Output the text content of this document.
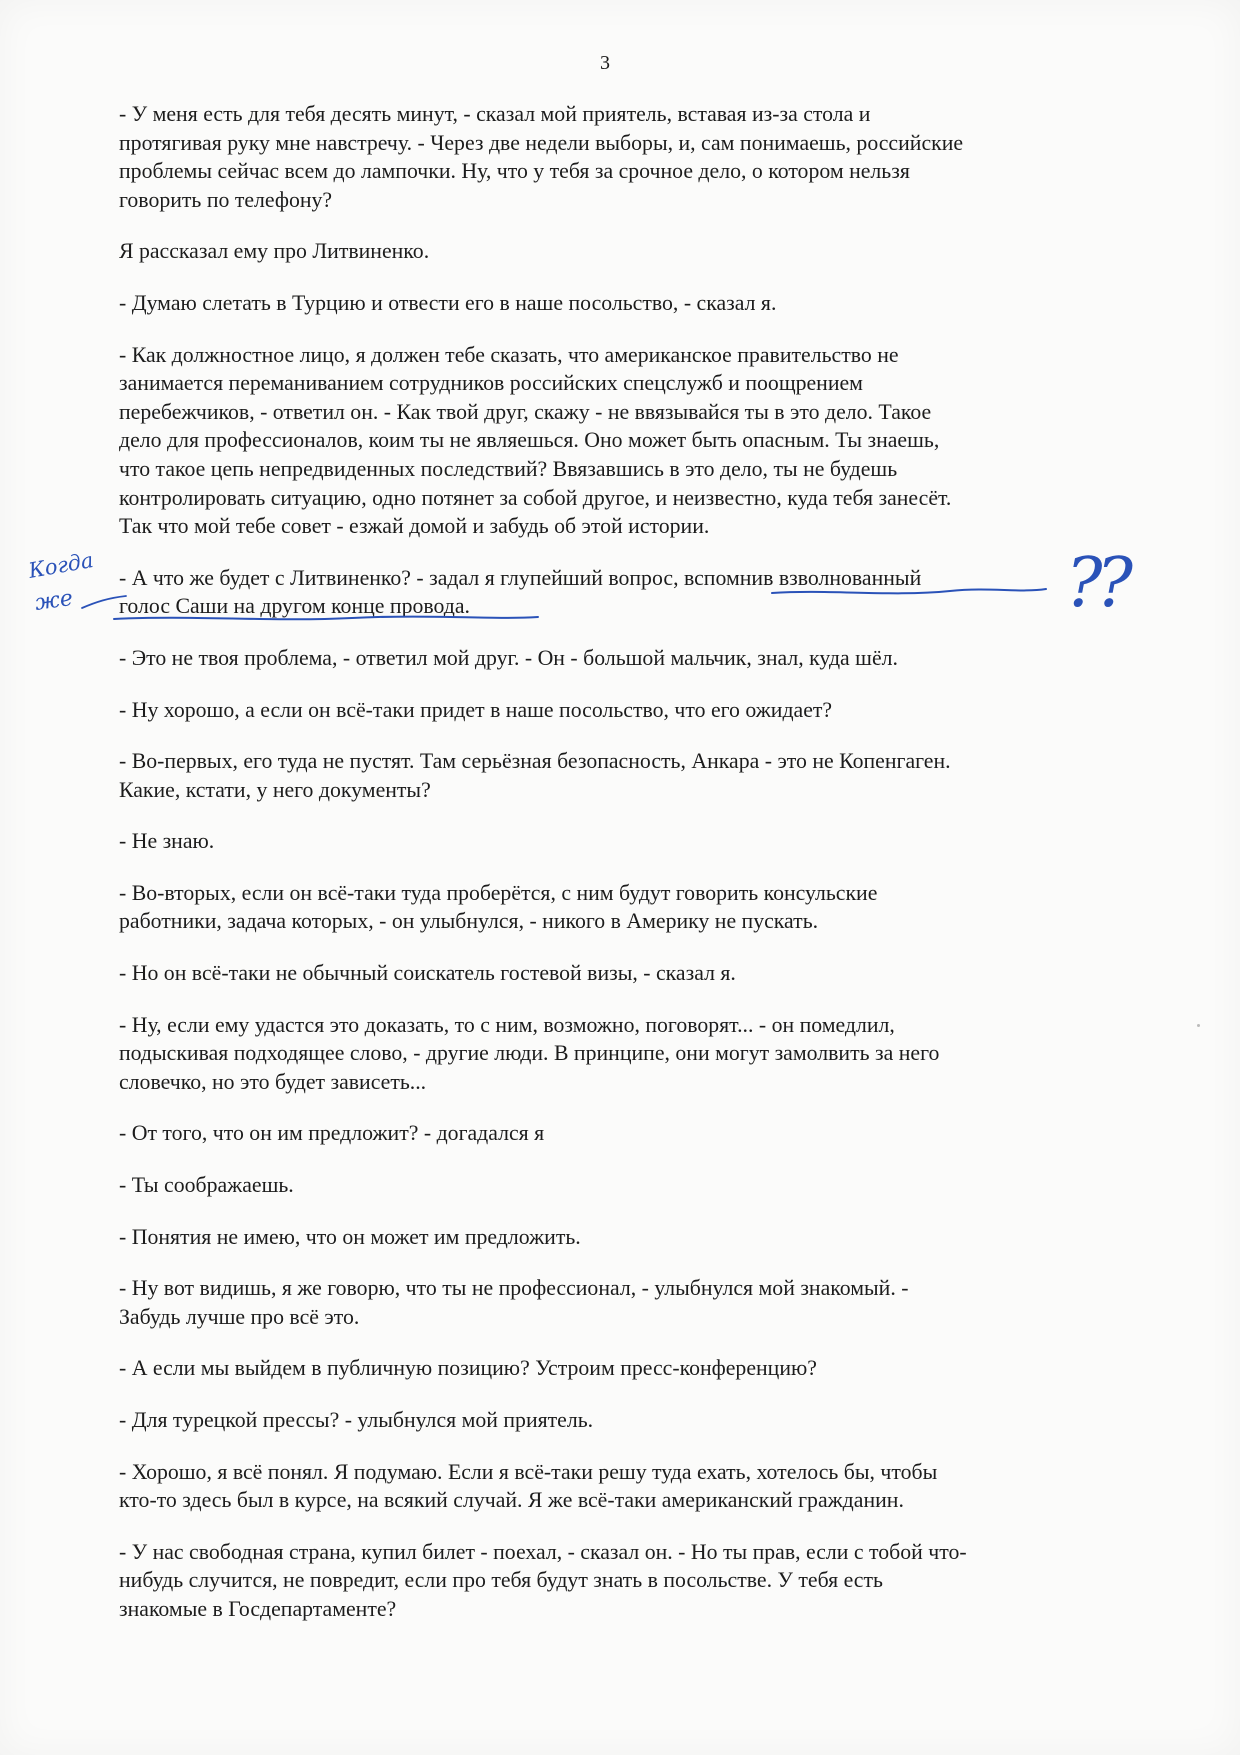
3
- У меня есть для тебя десять минут, - сказал мой приятель, вставая из-за стола и
протягивая руку мне навстречу. - Через две недели выборы, и, сам понимаешь, российские
проблемы сейчас всем до лампочки. Ну, что у тебя за срочное дело, о котором нельзя
говорить по телефону?
Я рассказал ему про Литвиненко.
- Думаю слетать в Турцию и отвести его в наше посольство, - сказал я.
- Как должностное лицо, я должен тебе сказать, что американское правительство не
занимается переманиванием сотрудников российских спецслужб и поощрением
перебежчиков, - ответил он. - Как твой друг, скажу - не ввязывайся ты в это дело. Такое
дело для профессионалов, коим ты не являешься. Оно может быть опасным. Ты знаешь,
что такое цепь непредвиденных последствий? Ввязавшись в это дело, ты не будешь
контролировать ситуацию, одно потянет за собой другое, и неизвестно, куда тебя занесёт.
Так что мой тебе совет - езжай домой и забудь об этой истории.
- А что же будет с Литвиненко? - задал я глупейший вопрос, вспомнив взволнованный
голос Саши на другом конце провода.
- Это не твоя проблема, - ответил мой друг. - Он - большой мальчик, знал, куда шёл.
- Ну хорошо, а если он всё-таки придет в наше посольство, что его ожидает?
- Во-первых, его туда не пустят. Там серьёзная безопасность, Анкара - это не Копенгаген.
Какие, кстати, у него документы?
- Не знаю.
- Во-вторых, если он всё-таки туда проберётся, с ним будут говорить консульские
работники, задача которых, - он улыбнулся, - никого в Америку не пускать.
- Но он всё-таки не обычный соискатель гостевой визы, - сказал я.
- Ну, если ему удастся это доказать, то с ним, возможно, поговорят... - он помедлил,
подыскивая подходящее слово, - другие люди. В принципе, они могут замолвить за него
словечко, но это будет зависеть...
- От того, что он им предложит? - догадался я
- Ты соображаешь.
- Понятия не имею, что он может им предложить.
- Ну вот видишь, я же говорю, что ты не профессионал, - улыбнулся мой знакомый. -
Забудь лучше про всё это.
- А если мы выйдем в публичную позицию? Устроим пресс-конференцию?
- Для турецкой прессы? - улыбнулся мой приятель.
- Хорошо, я всё понял. Я подумаю. Если я всё-таки решу туда ехать, хотелось бы, чтобы
кто-то здесь был в курсе, на всякий случай. Я же всё-таки американский гражданин.
- У нас свободная страна, купил билет - поехал, - сказал он. - Но ты прав, если с тобой что-
нибудь случится, не повредит, если про тебя будут знать в посольстве. У тебя есть
знакомые в Госдепартаменте?
Когда
же	??
